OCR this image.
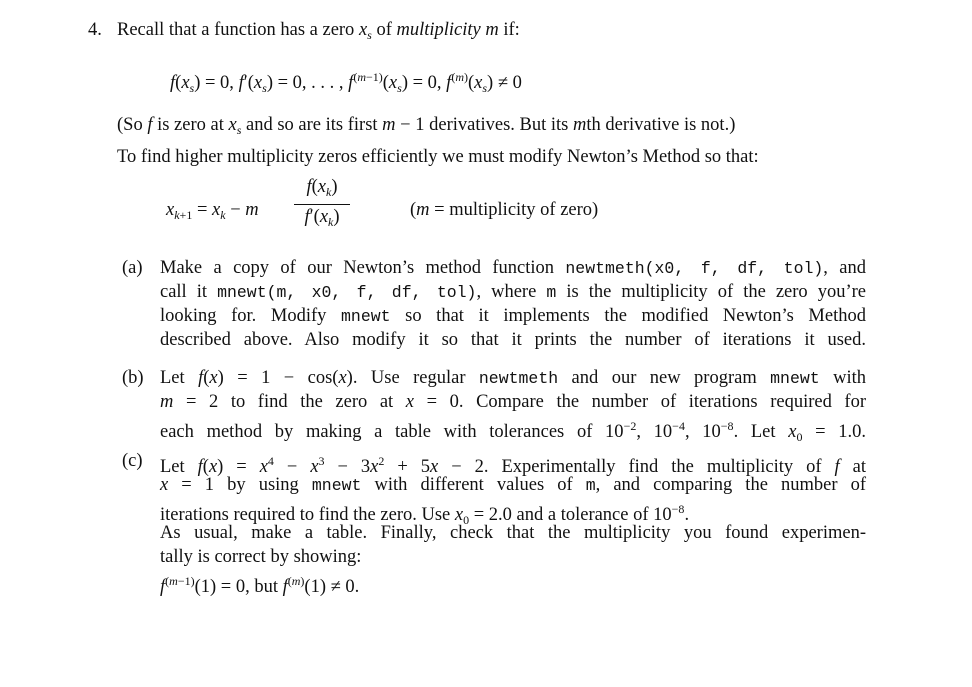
4. Recall that a function has a zero $x_s$ of multiplicity m if:
$f(x_s) = 0$, $f'(x_s) = 0$, . . . , $f^{(m-1)}(x_s) = 0$, $f^{(m)}(x_s) \ne 0$
(So f is zero at $x_s$ and so are its first m − 1 derivatives. But its mth derivative is not.)
To find higher multiplicity zeros efficiently we must modify Newton’s Method so that:
$x_{k+1} = x_k - m$
$f(x_k)$
$f'(x_k)$	(m = multiplicity of zero)
(a) Make a copy of our Newton’s method function newtmeth(x0, f, df, tol), and
call it mnewt(m, x0, f, df, tol), where m is the multiplicity of the zero you’re
looking for. Modify mnewt so that it implements the modified Newton’s Method
described above. Also modify it so that it prints the number of iterations it used.
(b) Let f(x) = 1 − cos(x). Use regular newtmeth and our new program mnewt with
m = 2 to find the zero at x = 0. Compare the number of iterations required for
each method by making a table with tolerances of $10^{-2}$, $10^{-4}$, $10^{-8}$. Let $x_0 = 1.0$.
(c) Let $f(x) = x^4 - x^3 - 3x^2 + 5x - 2$. Experimentally find the multiplicity of f at
x = 1 by using mnewt with different values of m, and comparing the number of
iterations required to find the zero. Use $x_0 = 2.0$ and a tolerance of $10^{-8}$.
As usual, make a table. Finally, check that the multiplicity you found experimen-
tally is correct by showing:
$f^{(m-1)}(1) = 0$, but $f^{(m)}(1) \ne 0$.
